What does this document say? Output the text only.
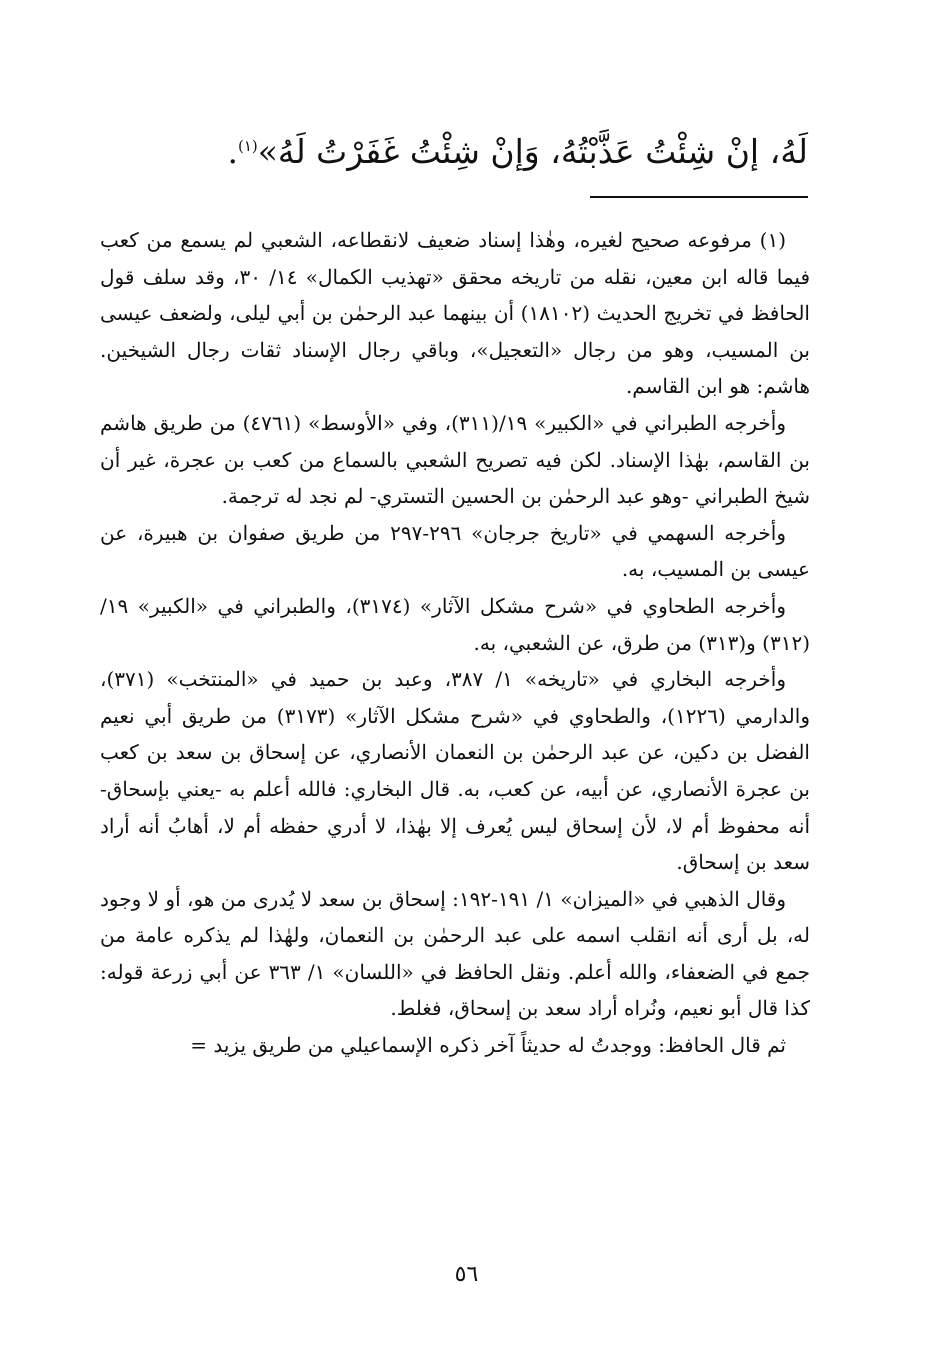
لَهُ، إنْ شِئْتُ عَذَّبْتُهُ، وَإنْ شِئْتُ غَفَرْتُ لَهُ»$^{(١)}$.

(١) مرفوعه صحيح لغيره، وهٰذا إسناد ضعيف لانقطاعه، الشعبي لم يسمع من كعب فيما قاله ابن معين، نقله من تاريخه محقق «تهذيب الكمال» ١٤/ ٣٠، وقد سلف قول الحافظ في تخريج الحديث (١٨١٠٢) أن بينهما عبد الرحمٰن بن أبي ليلى، ولضعف عيسى بن المسيب، وهو من رجال «التعجيل»، وباقي رجال الإسناد ثقات رجال الشيخين. هاشم: هو ابن القاسم.

وأخرجه الطبراني في «الكبير» ١٩/(٣١١)، وفي «الأوسط» (٤٧٦١) من طريق هاشم بن القاسم، بهٰذا الإسناد. لكن فيه تصريح الشعبي بالسماع من كعب بن عجرة، غير أن شيخ الطبراني -وهو عبد الرحمٰن بن الحسين التستري- لم نجد له ترجمة.

وأخرجه السهمي في «تاريخ جرجان» ٢٩٦-٢٩٧ من طريق صفوان بن هبيرة، عن عيسى بن المسيب، به.

وأخرجه الطحاوي في «شرح مشكل الآثار» (٣١٧٤)، والطبراني في «الكبير» ١٩/ (٣١٢) و(٣١٣) من طرق، عن الشعبي، به.

وأخرجه البخاري في «تاريخه» ١/ ٣٨٧، وعبد بن حميد في «المنتخب» (٣٧١)، والدارمي (١٢٢٦)، والطحاوي في «شرح مشكل الآثار» (٣١٧٣) من طريق أبي نعيم الفضل بن دكين، عن عبد الرحمٰن بن النعمان الأنصاري، عن إسحاق بن سعد بن كعب بن عجرة الأنصاري، عن أبيه، عن كعب، به. قال البخاري: فالله أعلم به -يعني بإسحاق- أنه محفوظ أم لا، لأن إسحاق ليس يُعرف إلا بهٰذا، لا أدري حفظه أم لا، أهابُ أنه أراد سعد بن إسحاق.

وقال الذهبي في «الميزان» ١/ ١٩١-١٩٢: إسحاق بن سعد لا يُدرى من هو، أو لا وجود له، بل أرى أنه انقلب اسمه على عبد الرحمٰن بن النعمان، ولهٰذا لم يذكره عامة من جمع في الضعفاء، والله أعلم. ونقل الحافظ في «اللسان» ١/ ٣٦٣ عن أبي زرعة قوله: كذا قال أبو نعيم، ونُراه أراد سعد بن إسحاق، فغلط.

ثم قال الحافظ: ووجدتُ له حديثاً آخر ذكره الإسماعيلي من طريق يزيد =

٥٦
